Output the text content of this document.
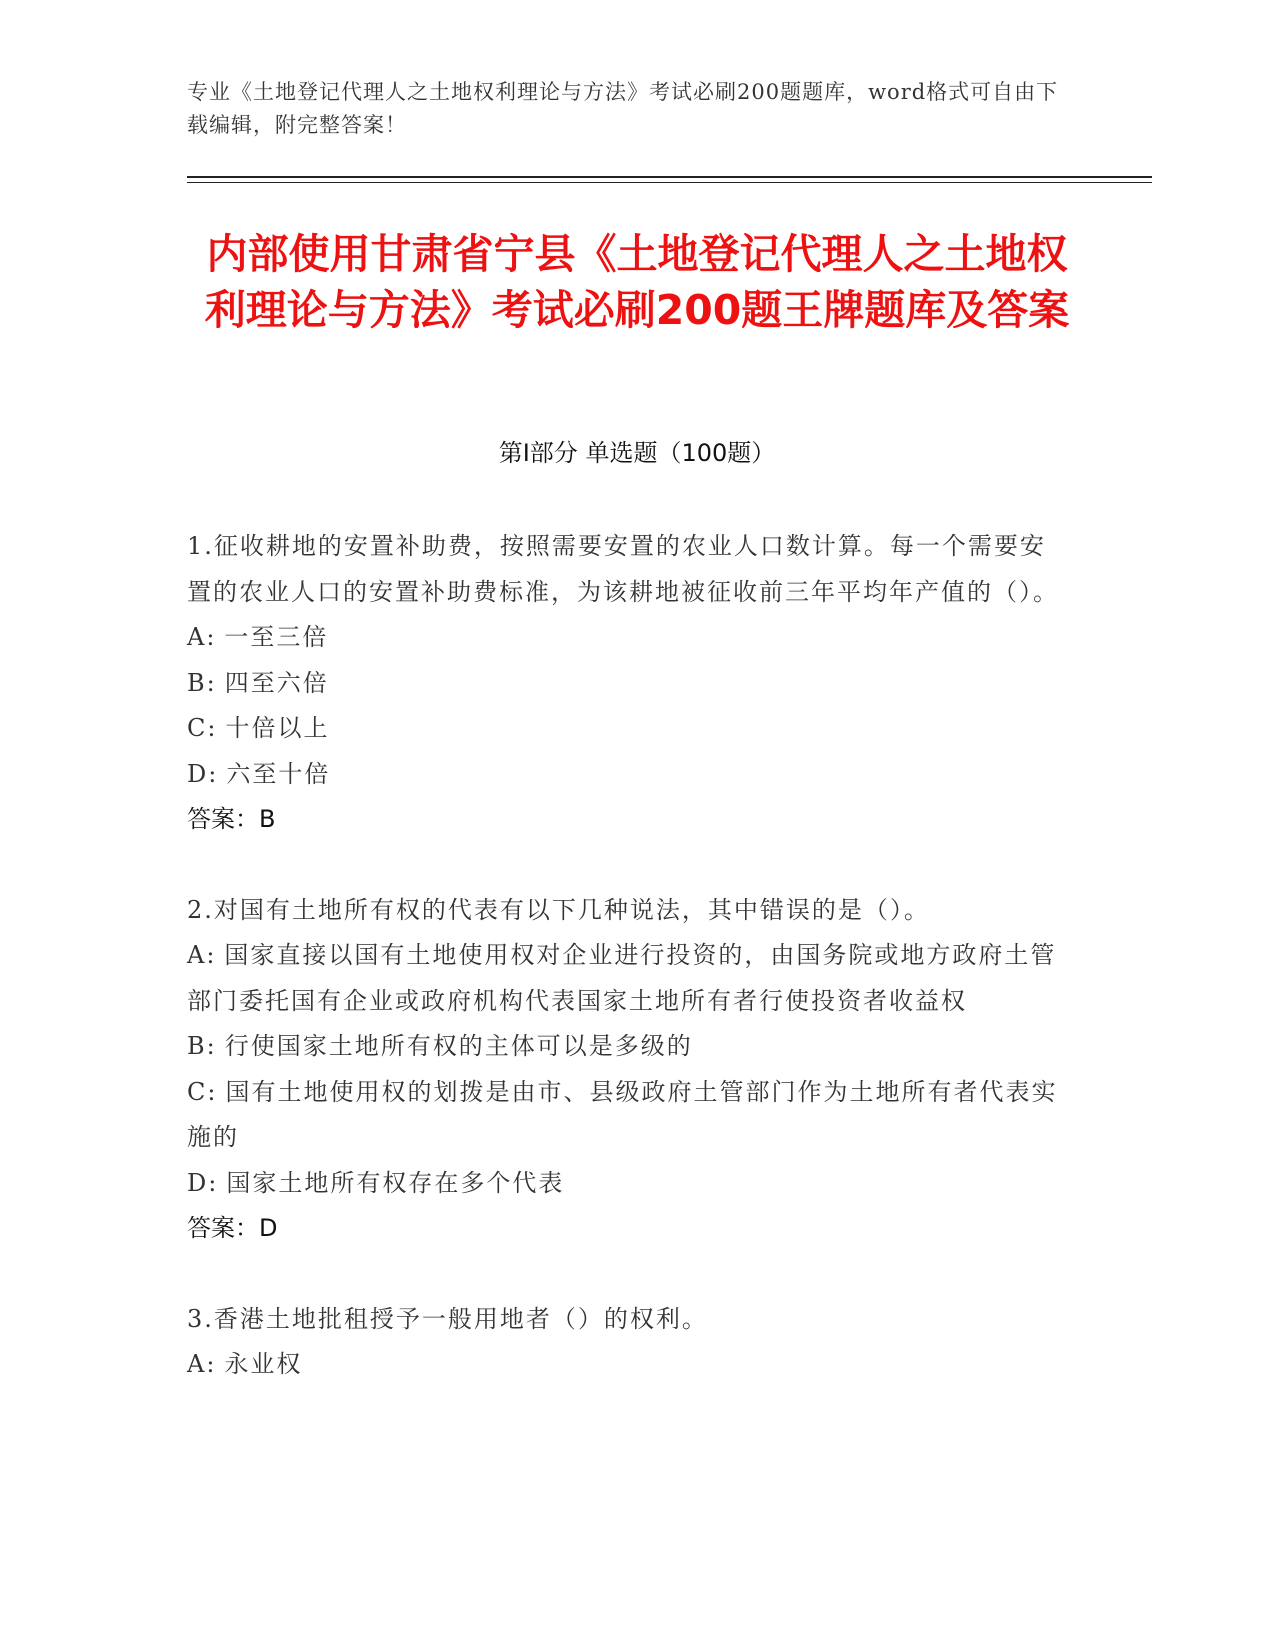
专业《土地登记代理人之土地权利理论与方法》考试必刷200题题库，word格式可自由下载编辑，附完整答案！
内部使用甘肃省宁县《土地登记代理人之土地权利理论与方法》考试必刷200题王牌题库及答案
第I部分 单选题（100题）
1.征收耕地的安置补助费，按照需要安置的农业人口数计算。每一个需要安置的农业人口的安置补助费标准，为该耕地被征收前三年平均年产值的（）。
A: 一至三倍
B: 四至六倍
C: 十倍以上
D: 六至十倍
答案：B
2.对国有土地所有权的代表有以下几种说法，其中错误的是（）。
A: 国家直接以国有土地使用权对企业进行投资的，由国务院或地方政府土管部门委托国有企业或政府机构代表国家土地所有者行使投资者收益权
B: 行使国家土地所有权的主体可以是多级的
C: 国有土地使用权的划拨是由市、县级政府土管部门作为土地所有者代表实施的
D: 国家土地所有权存在多个代表
答案：D
3.香港土地批租授予一般用地者（）的权利。
A: 永业权
